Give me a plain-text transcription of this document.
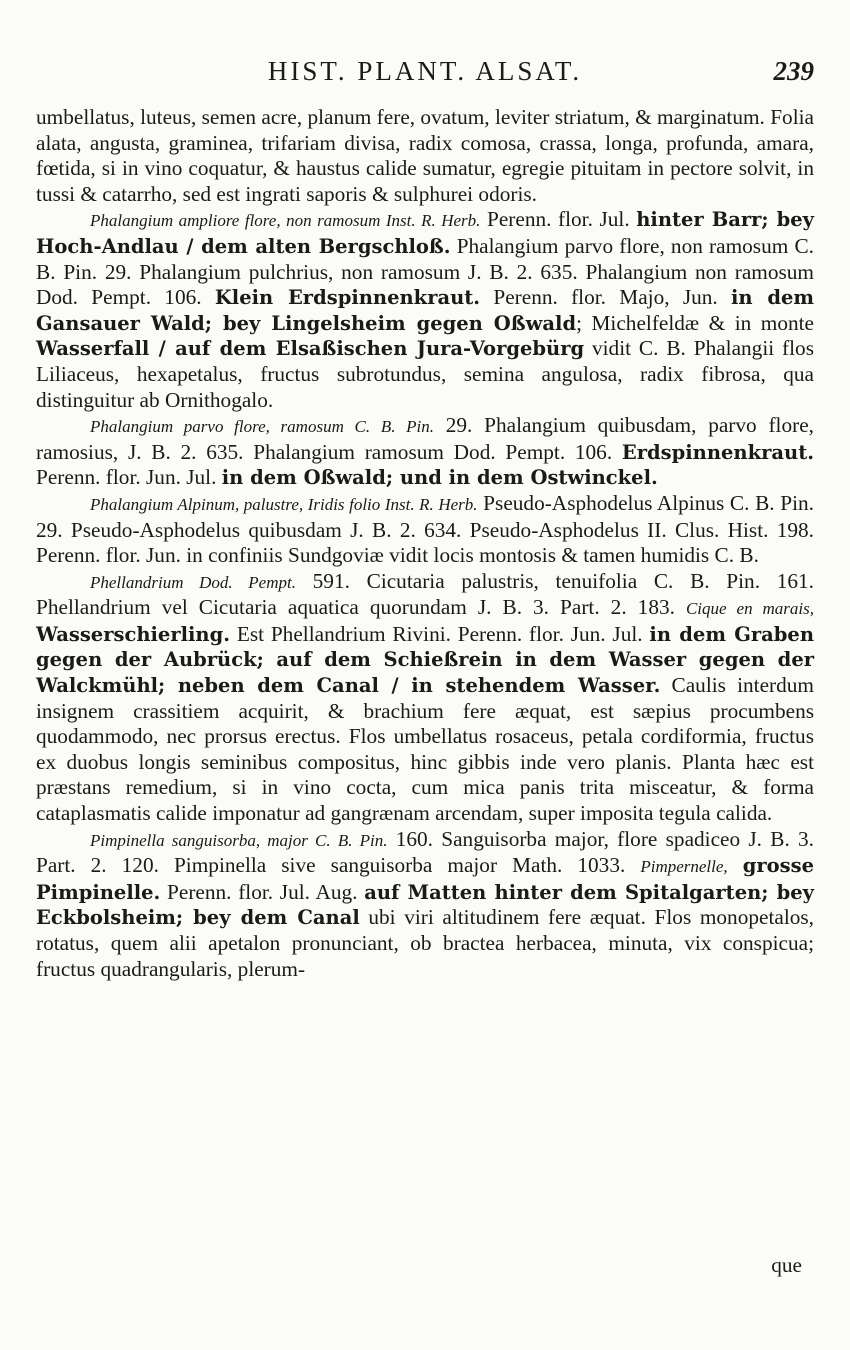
HIST. PLANT. ALSAT.	239

umbellatus, luteus, semen acre, planum fere, ovatum, leviter striatum, & marginatum. Folia alata, angusta, graminea, trifariam divisa, radix comosa, crassa, longa, profunda, amara, fœtida, si in vino coquatur, & haustus calide sumatur, egregie pituitam in pectore solvit, in tussi & catarrho, sed est ingrati saporis & sulphurei odoris.

Phalangium ampliore flore, non ramosum Inst. R. Herb. Perenn. flor. Jul. hinter Barr; bey Hoch-Andlau / dem alten Bergschloß. Phalangium parvo flore, non ramosum C. B. Pin. 29. Phalangium pulchrius, non ramosum J. B. 2. 635. Phalangium non ramosum Dod. Pempt. 106. Klein Erdspinnenkraut. Perenn. flor. Majo, Jun. in dem Gansauer Wald; bey Lingelsheim gegen Oßwald; Michelfeldæ & in monte Wasserfall / auf dem Elsaßischen Jura-Vorgebürg vidit C. B. Phalangii flos Liliaceus, hexapetalus, fructus subrotundus, semina angulosa, radix fibrosa, qua distinguitur ab Ornithogalo.

Phalangium parvo flore, ramosum C. B. Pin. 29. Phalangium quibusdam, parvo flore, ramosius, J. B. 2. 635. Phalangium ramosum Dod. Pempt. 106. Erdspinnenkraut. Perenn. flor. Jun. Jul. in dem Oßwald; und in dem Ostwinckel.

Phalangium Alpinum, palustre, Iridis folio Inst. R. Herb. Pseudo-Asphodelus Alpinus C. B. Pin. 29. Pseudo-Asphodelus quibusdam J. B. 2. 634. Pseudo-Asphodelus II. Clus. Hist. 198. Perenn. flor. Jun. in confiniis Sundgoviæ vidit locis montosis & tamen humidis C. B.

Phellandrium Dod. Pempt. 591. Cicutaria palustris, tenuifolia C. B. Pin. 161. Phellandrium vel Cicutaria aquatica quorundam J. B. 3. Part. 2. 183. Cique en marais, Wasserschierling. Est Phellandrium Rivini. Perenn. flor. Jun. Jul. in dem Graben gegen der Aubrück; auf dem Schießrein in dem Wasser gegen der Walckmühl; neben dem Canal / in stehendem Wasser. Caulis interdum insignem crassitiem acquirit, & brachium fere æquat, est sæpius procumbens quodammodo, nec prorsus erectus. Flos umbellatus rosaceus, petala cordiformia, fructus ex duobus longis seminibus compositus, hinc gibbis inde vero planis. Planta hæc est præstans remedium, si in vino cocta, cum mica panis trita misceatur, & forma cataplasmatis calide imponatur ad gangrænam arcendam, super imposita tegula calida.

Pimpinella sanguisorba, major C. B. Pin. 160. Sanguisorba major, flore spadiceo J. B. 3. Part. 2. 120. Pimpinella sive sanguisorba major Math. 1033. Pimpernelle, grosse Pimpinelle. Perenn. flor. Jul. Aug. auf Matten hinter dem Spitalgarten; bey Eckbolsheim; bey dem Canal ubi viri altitudinem fere æquat. Flos monopetalos, rotatus, quem alii apetalon pronunciant, ob bractea herbacea, minuta, vix conspicua; fructus quadrangularis, plerum-

que
